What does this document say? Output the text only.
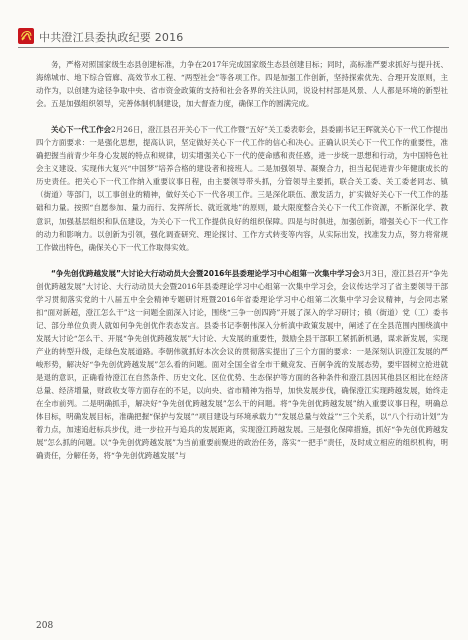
中共澄江县委执政纪要 2016

务，严格对照国家级生态县创建标准，力争在2017年完成国家级生态县创建目标；同时，高标准严要求抓好与提升抚、海绵城市、地下综合管廊、高效节水工程、“两型社会”等各项工作。四是加强工作创新，坚持探索优先、合理开发原则，主动作为，以创建为途径争取中央、省市资金政策的支持和社会各界的关注认同，说设村村部是风景、人人都是环境的新型社会。五是加强组织领导，完善体制机制建设，加大督查力度，确保工作的圆满完成。

关心下一代工作会2月26日，澄江县召开关心下一代工作暨“五好”关工委表彰会，县委副书记王晖就关心下一代工作提出四个方面要求：一是强化思想，提高认识，坚定做好关心下一代工作的信心和决心。正确认识关心下一代工作的重要性，准确把握当前青少年身心发展的特点和规律，切实增强关心下一代的使命感和责任感，进一步统一思想和行动，为中国特色社会主义建设、实现伟大复兴“中国梦”培养合格的建设者和接班人。二是加强领导、凝聚合力，担当起促进青少年健康成长的历史责任。把关心下一代工作纳入重要议事日程，由主要领导带头抓，分管领导主要抓，联合关工委、关工委老同志、镇（街道）等部门，以工事创业的精神，做好关心下一代各项工作。三是深化联伍、激发活力，扩实做好关心下一代工作的基础和力量。按照“自愿参加、量力而行、发挥所长、就近就地”的原则，最大限度整合关心下一代工作资源，不断深化学、教意识，加强基层组织和队伍建设，为关心下一代工作提供良好的组织保障。四是与时俱进，加强创新，增强关心下一代工作的动力和影响力。以创新为引领，强化调查研究、理论探讨、工作方式转变等内容，从实际出发，找准发力点，努力将常规工作做出特色，确保关心下一代工作取得实效。

“争先创优跨越发展”大讨论大行动动员大会暨2016年县委理论学习中心组第一次集中学习会3月3日，澄江县召开“争先创优跨越发展”大讨论、大行动动员大会暨2016年县委理论学习中心组第一次集中学习会，会议传达学习了省主要领导干部学习贯彻落实党的十八届五中全会精神专题研讨班暨2016年省委理论学习中心组第二次集中学习会议精神，与会同志紧扣“面对新超，澄江怎么干”这一问题全面深入讨论，围绕“三争一创四跨”开展了深入的学习研讨；镇（街道）党（工）委书记、部分单位负责人就如何争先创优作表态发言。县委书记李朝伟深入分析滇中政策发展中，阐述了在全县范围内围绕滇中发展大讨论“怎么干、开展“争先创优跨越发展”大讨论、大发展的重要性，鼓励全县干部职工紧抓新机遇，谋求新发展，实现产业的转型升级，走绿色发展道路。李朝伟就抓好本次会议的贯彻落实提出了三个方面的要求：一是深刻认识澄江发展的严峻形势，解决好“争先创优跨越发展”怎么看的问题。面对全国全省全市干戴竞发、百舸争流的发展态势，要牢固树立抢进就是退的意识，正确看待澄江在自然条件、历史文化、区位优势、生态保护等方面的各种条件和澄江县因其他县区相比在经济总量、经济增量，财政收支等方面存在的不足，以向央、省市精神为指导，加快发展步伐，确保澄江实现跨越发展，始终走在全市前列。二是明确抓手，解决好“争先创优跨越发展”怎么干的问题。将“争先创优跨越发展”纳入重要议事日程，明确总体目标，明确发展目标，准确把握“保护与发展”“项目建设与环境承载力”“发展总量与效益”“三个关系，以“八个行动计划”为着力点，加速追赶标兵步伐，进一步拉开与追兵的发展距离，实现澄江跨越发展。三是强化保障措施，抓好“争先创优跨越发展”怎么抓的问题。以“争先创优跨越发展”为当前重要前聚进的政治任务，落实“一把手”责任，及时成立相应的组织机构，明确责任，分解任务，将“争先创优跨越发展”与

208
